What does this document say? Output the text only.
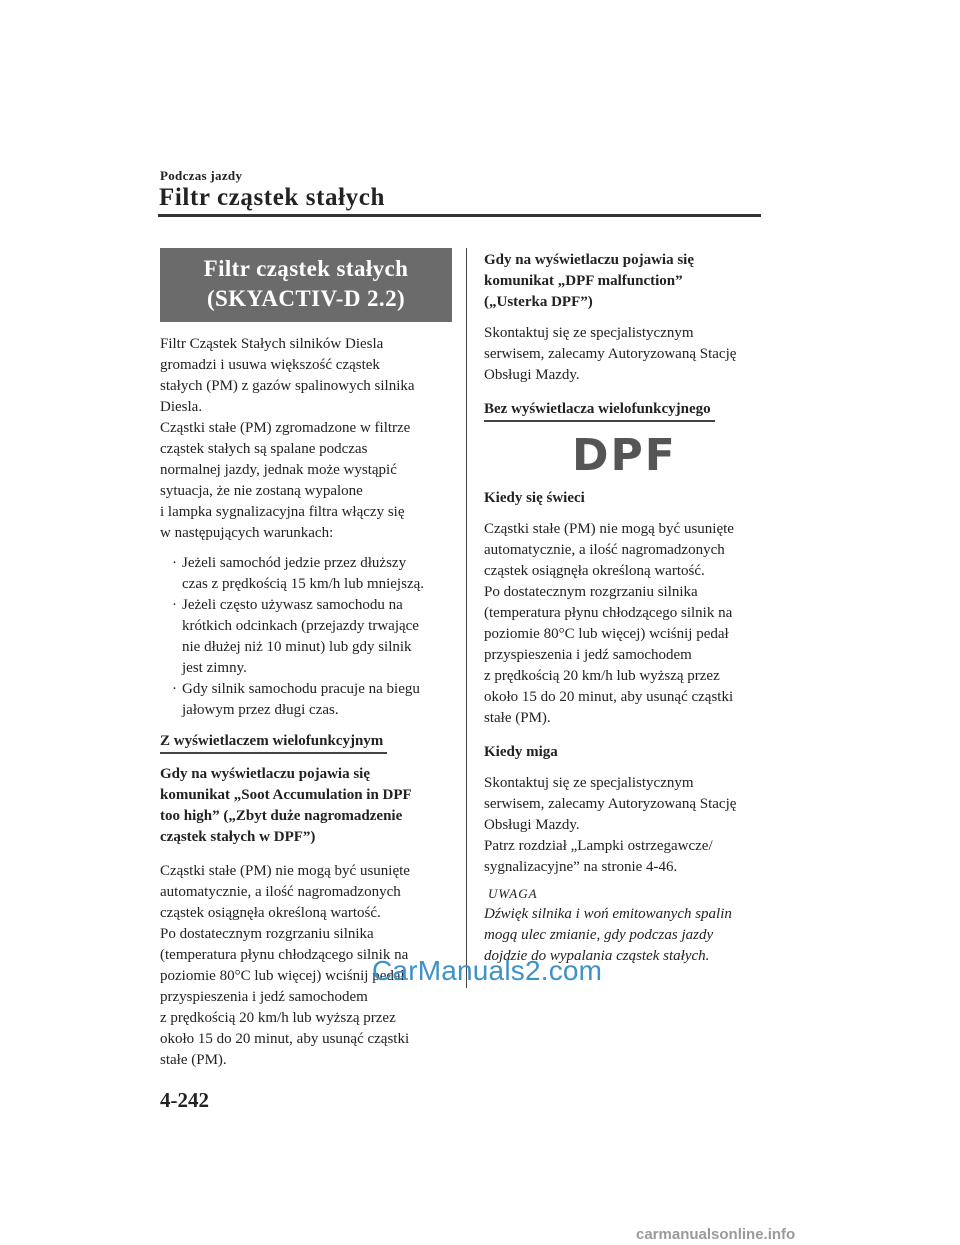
Podczas jazdy
Filtr cząstek stałych
Filtr cząstek stałych
(SKYACTIV-D 2.2)

Filtr Cząstek Stałych silników Diesla

gromadzi i usuwa większość cząstek

stałych (PM) z gazów spalinowych silnika

Diesla.

Cząstki stałe (PM) zgromadzone w filtrze

cząstek stałych są spalane podczas

normalnej jazdy, jednak może wystąpić

sytuacja, że nie zostaną wypalone

i lampka sygnalizacyjna filtra włączy się

w następujących warunkach:

· Jeżeli samochód jedzie przez dłuższy

czas z prędkością 15 km/h lub mniejszą.

· Jeżeli często używasz samochodu na

krótkich odcinkach (przejazdy trwające

nie dłużej niż 10 minut) lub gdy silnik

jest zimny.

· Gdy silnik samochodu pracuje na biegu

jałowym przez długi czas.

Z wyświetlaczem wielofunkcyjnym

Gdy na wyświetlaczu pojawia się

komunikat „Soot Accumulation in DPF

too high” („Zbyt duże nagromadzenie

cząstek stałych w DPF”)

Cząstki stałe (PM) nie mogą być usunięte

automatycznie, a ilość nagromadzonych

cząstek osiągnęła określoną wartość.

Po dostatecznym rozgrzaniu silnika

(temperatura płynu chłodzącego silnik na

poziomie 80°C lub więcej) wciśnij pedał

przyspieszenia i jedź samochodem

z prędkością 20 km/h lub wyższą przez

około 15 do 20 minut, aby usunąć cząstki

stałe (PM).

Gdy na wyświetlaczu pojawia się

komunikat „DPF malfunction”

(„Usterka DPF”)

Skontaktuj się ze specjalistycznym

serwisem, zalecamy Autoryzowaną Stację

Obsługi Mazdy.

Bez wyświetlacza wielofunkcyjnego
DPF

Kiedy się świeci

Cząstki stałe (PM) nie mogą być usunięte

automatycznie, a ilość nagromadzonych

cząstek osiągnęła określoną wartość.

Po dostatecznym rozgrzaniu silnika

(temperatura płynu chłodzącego silnik na

poziomie 80°C lub więcej) wciśnij pedał

przyspieszenia i jedź samochodem

z prędkością 20 km/h lub wyższą przez

około 15 do 20 minut, aby usunąć cząstki

stałe (PM).

Kiedy miga

Skontaktuj się ze specjalistycznym

serwisem, zalecamy Autoryzowaną Stację

Obsługi Mazdy.

Patrz rozdział „Lampki ostrzegawcze/

sygnalizacyjne” na stronie 4-46.

UWAGA

Dźwięk silnika i woń emitowanych spalin

mogą ulec zmianie, gdy podczas jazdy

dojdzie do wypalania cząstek stałych.

CarManuals2.com
4-242
carmanualsonline.info
